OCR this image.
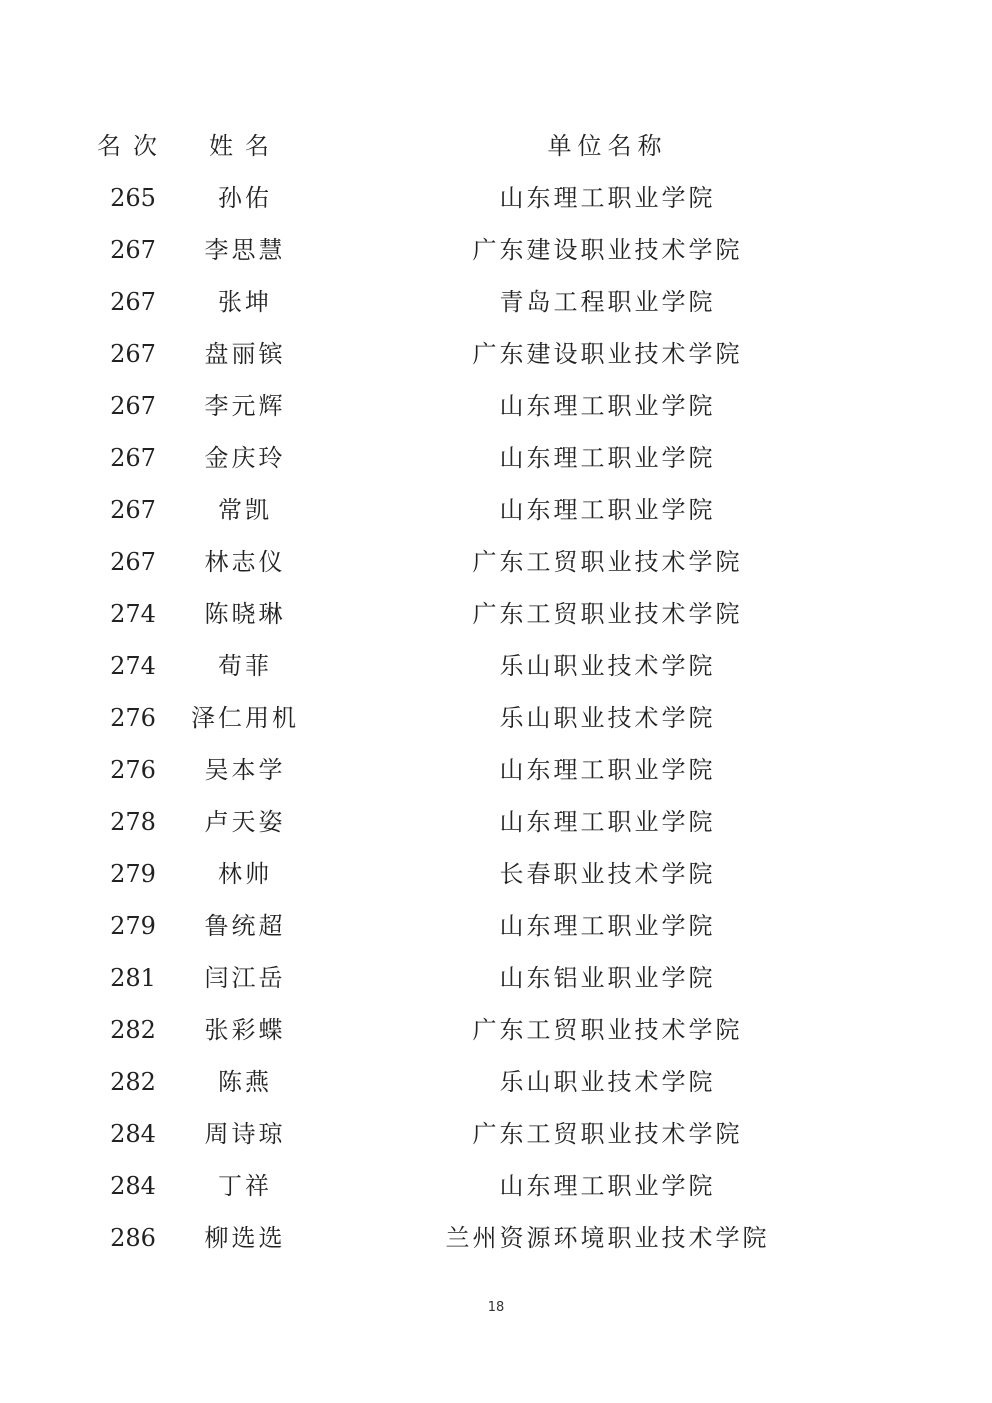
名次	姓名	单位名称
265	孙佑	山东理工职业学院
267	李思慧	广东建设职业技术学院
267	张坤	青岛工程职业学院
267	盘丽镔	广东建设职业技术学院
267	李元辉	山东理工职业学院
267	金庆玲	山东理工职业学院
267	常凯	山东理工职业学院
267	林志仪	广东工贸职业技术学院
274	陈晓琳	广东工贸职业技术学院
274	荀菲	乐山职业技术学院
276	泽仁用机	乐山职业技术学院
276	吴本学	山东理工职业学院
278	卢天姿	山东理工职业学院
279	林帅	长春职业技术学院
279	鲁统超	山东理工职业学院
281	闫江岳	山东铝业职业学院
282	张彩蝶	广东工贸职业技术学院
282	陈燕	乐山职业技术学院
284	周诗琼	广东工贸职业技术学院
284	丁祥	山东理工职业学院
286	柳选选	兰州资源环境职业技术学院
18
